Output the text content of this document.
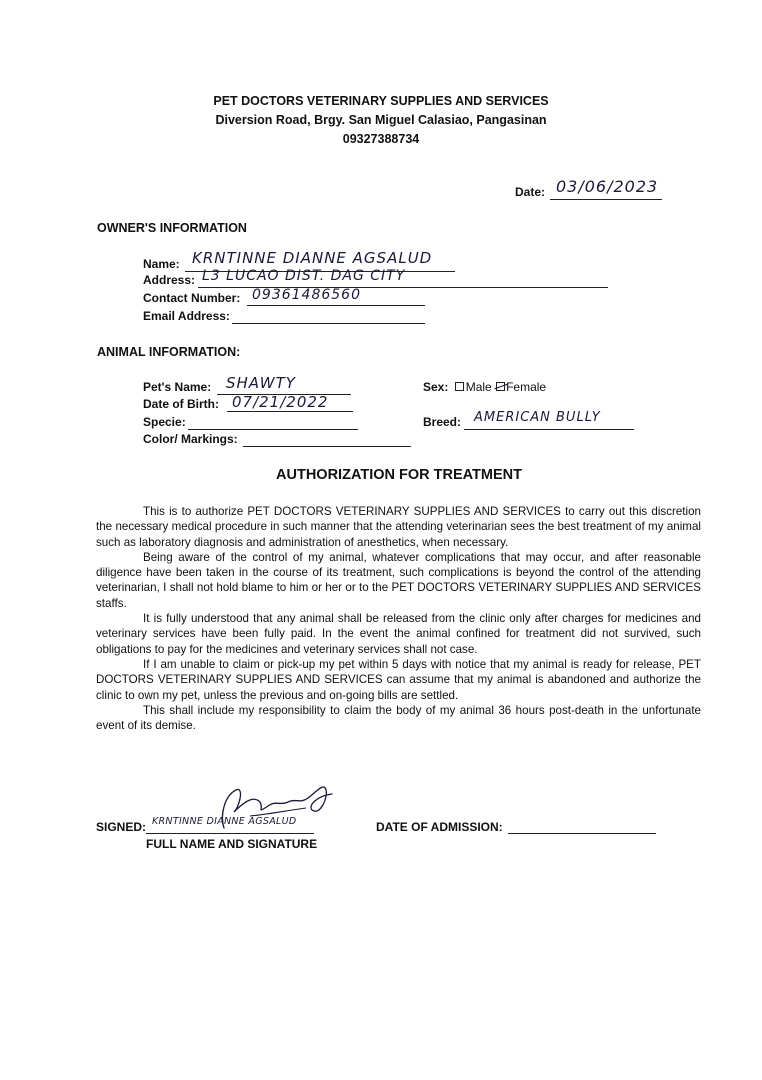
PET DOCTORS VETERINARY SUPPLIES AND SERVICES
Diversion Road, Brgy. San Miguel Calasiao, Pangasinan
09327388734
Date: 03/06/2023
OWNER'S INFORMATION
Name: KRNTINNE DIANNE AGSALUD
Address: L3 LUCAO DIST. DAG CITY
Contact Number: 09361486560
Email Address:
ANIMAL INFORMATION:
Pet's Name: SHAWTY
Date of Birth: 07/21/2022
Specie:
Color/ Markings:
Sex: Male Female
Breed: AMERICAN BULLY
AUTHORIZATION FOR TREATMENT

This is to authorize PET DOCTORS VETERINARY SUPPLIES AND SERVICES to carry out this discretion the necessary medical procedure in such manner that the attending veterinarian sees the best treatment of my animal such as laboratory diagnosis and administration of anesthetics, when necessary.

Being aware of the control of my animal, whatever complications that may occur, and after reasonable diligence have been taken in the course of its treatment, such complications is beyond the control of the attending veterinarian, I shall not hold blame to him or her or to the PET DOCTORS VETERINARY SUPPLIES AND SERVICES staffs.

It is fully understood that any animal shall be released from the clinic only after charges for medicines and veterinary services have been fully paid. In the event the animal confined for treatment did not survived, such obligations to pay for the medicines and veterinary services shall not case.

If I am unable to claim or pick-up my pet within 5 days with notice that my animal is ready for release, PET DOCTORS VETERINARY SUPPLIES AND SERVICES can assume that my animal is abandoned and authorize the clinic to own my pet, unless the previous and on-going bills are settled.

This shall include my responsibility to claim the body of my animal 36 hours post-death in the unfortunate event of its demise.

SIGNED: KRNTINNE DIANNE AGSALUD
FULL NAME AND SIGNATURE
DATE OF ADMISSION:
